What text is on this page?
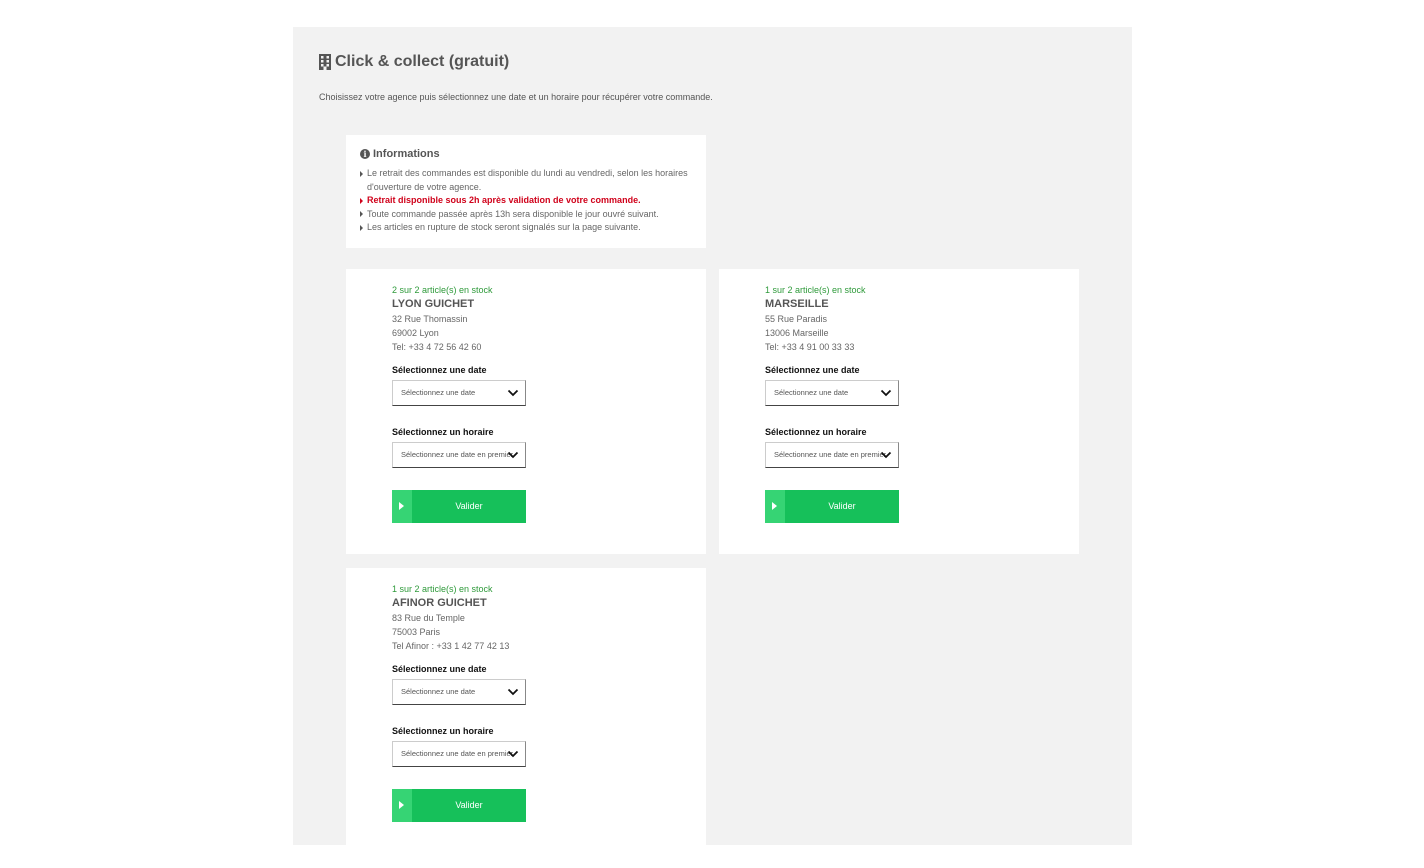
Click & collect (gratuit)

Choisissez votre agence puis sélectionnez une date et un horaire pour récupérer votre commande.

i Informations
Le retrait des commandes est disponible du lundi au vendredi, selon les horaires d'ouverture de votre agence.
Retrait disponible sous 2h après validation de votre commande.
Toute commande passée après 13h sera disponible le jour ouvré suivant.
Les articles en rupture de stock seront signalés sur la page suivante.

2 sur 2 article(s) en stock

LYON GUICHET

32 Rue Thomassin

69002 Lyon

Tel: +33 4 72 56 42 60

Sélectionnez une date

Sélectionnez une date

Sélectionnez un horaire

Sélectionnez une date en premier
Valider

1 sur 2 article(s) en stock

MARSEILLE

55 Rue Paradis

13006 Marseille

Tel: +33 4 91 00 33 33

Sélectionnez une date

Sélectionnez une date

Sélectionnez un horaire

Sélectionnez une date en premier
Valider

1 sur 2 article(s) en stock

AFINOR GUICHET

83 Rue du Temple

75003 Paris

Tel Afinor : +33 1 42 77 42 13

Sélectionnez une date

Sélectionnez une date

Sélectionnez un horaire

Sélectionnez une date en premier
Valider
